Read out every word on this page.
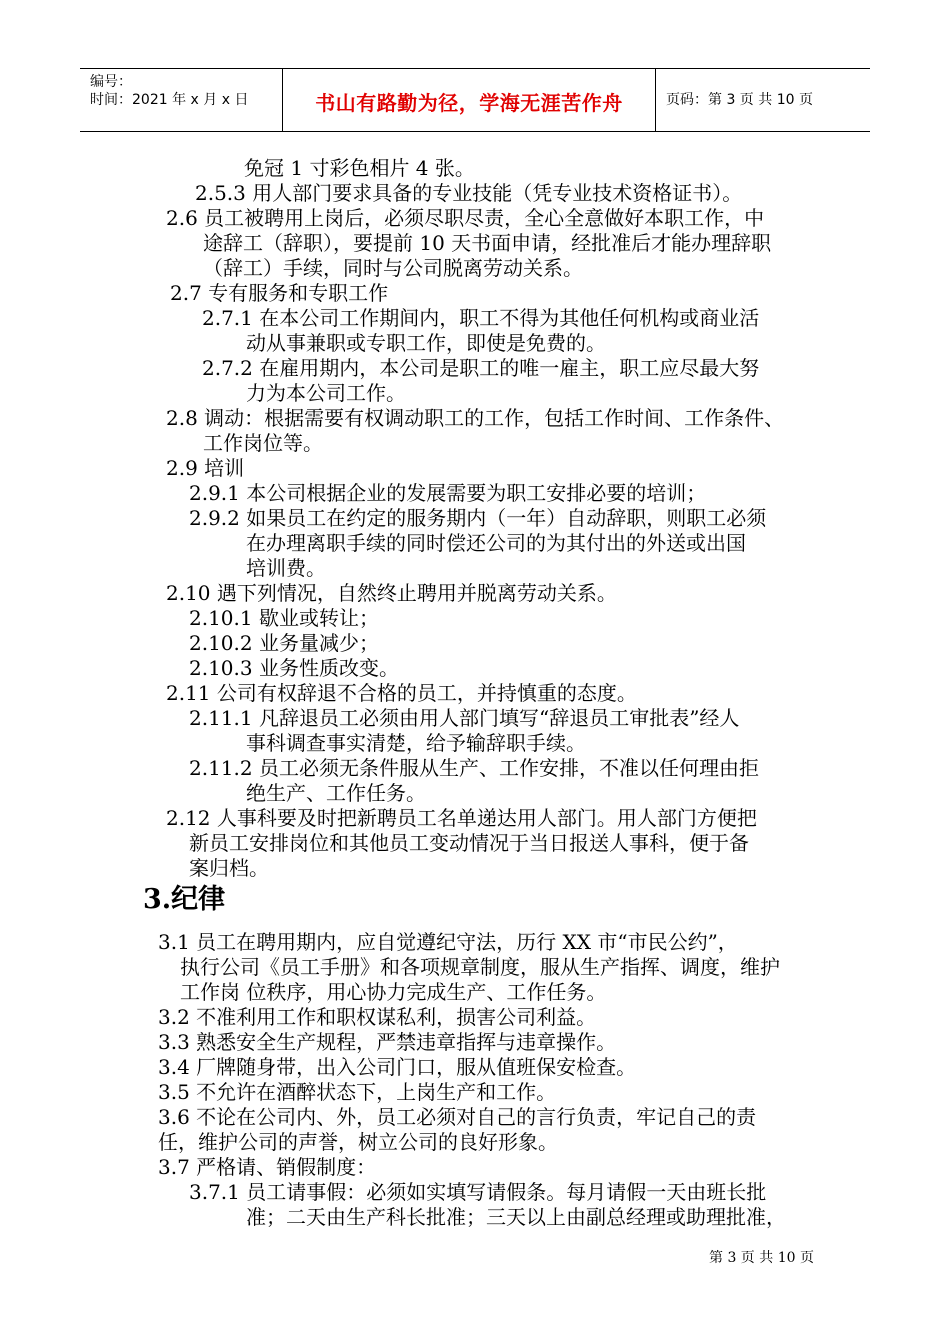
编号：
时间：2021 年 x 月 x 日	书山有路勤为径，学海无涯苦作舟	页码：第 3 页 共 10 页
免冠 1 寸彩色相片 4 张。
2.5.3 用人部门要求具备的专业技能（凭专业技术资格证书）。
2.6 员工被聘用上岗后，必须尽职尽责，全心全意做好本职工作，中
途辞工（辞职），要提前 10 天书面申请，经批准后才能办理辞职
（辞工）手续，同时与公司脱离劳动关系。
2.7 专有服务和专职工作
2.7.1 在本公司工作期间内，职工不得为其他任何机构或商业活
动从事兼职或专职工作，即使是免费的。
2.7.2 在雇用期内，本公司是职工的唯一雇主，职工应尽最大努
力为本公司工作。
2.8 调动：根据需要有权调动职工的工作，包括工作时间、工作条件、
工作岗位等。
2.9 培训
2.9.1 本公司根据企业的发展需要为职工安排必要的培训；
2.9.2 如果员工在约定的服务期内（一年）自动辞职，则职工必须
在办理离职手续的同时偿还公司的为其付出的外送或出国
培训费。
2.10 遇下列情况，自然终止聘用并脱离劳动关系。
2.10.1 歇业或转让；
2.10.2 业务量减少；
2.10.3 业务性质改变。
2.11 公司有权辞退不合格的员工，并持慎重的态度。
2.11.1 凡辞退员工必须由用人部门填写“辞退员工审批表”经人
事科调查事实清楚，给予输辞职手续。
2.11.2 员工必须无条件服从生产、工作安排，不准以任何理由拒
绝生产、工作任务。
2.12 人事科要及时把新聘员工名单递达用人部门。用人部门方便把
新员工安排岗位和其他员工变动情况于当日报送人事科，便于备
案归档。
3.纪律
3.1 员工在聘用期内，应自觉遵纪守法，历行 XX 市“市民公约”，
执行公司《员工手册》和各项规章制度，服从生产指挥、调度，维护
工作岗 位秩序，用心协力完成生产、工作任务。
3.2 不准利用工作和职权谋私利，损害公司利益。
3.3 熟悉安全生产规程，严禁违章指挥与违章操作。
3.4 厂牌随身带，出入公司门口，服从值班保安检查。
3.5 不允许在酒醉状态下，上岗生产和工作。
3.6 不论在公司内、外，员工必须对自己的言行负责，牢记自己的责
任，维护公司的声誉，树立公司的良好形象。
3.7 严格请、销假制度：
3.7.1 员工请事假：必须如实填写请假条。每月请假一天由班长批
准；二天由生产科长批准；三天以上由副总经理或助理批准，
第 3 页 共 10 页
